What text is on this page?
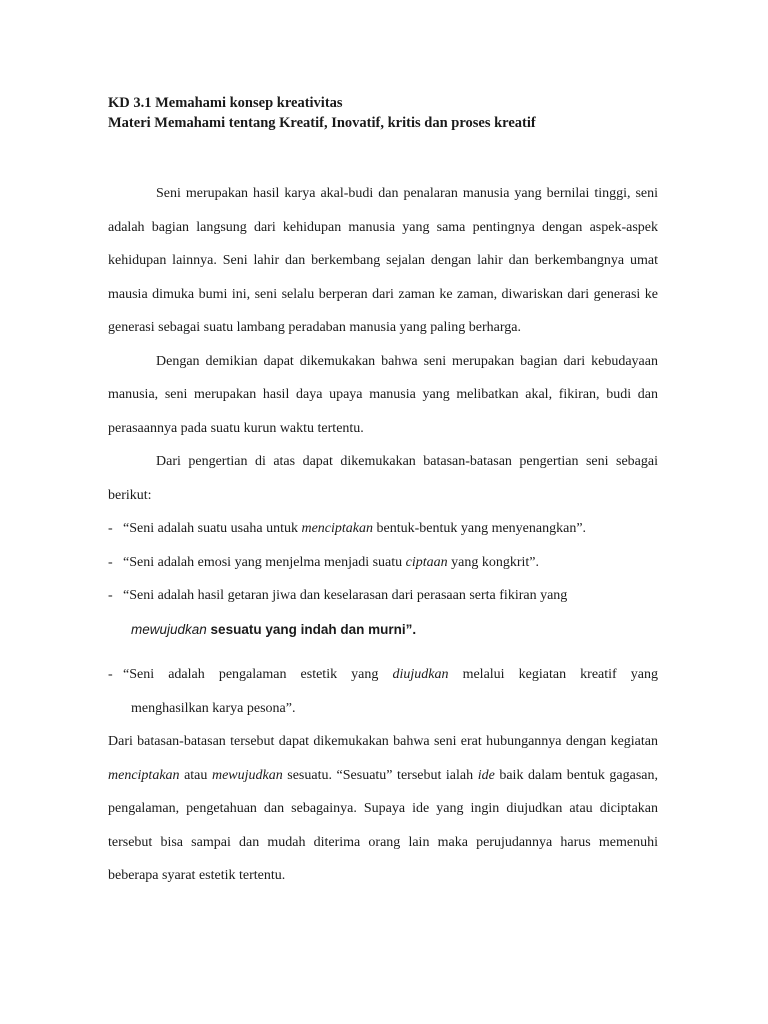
KD 3.1 Memahami konsep kreativitas

Materi Memahami tentang Kreatif, Inovatif, kritis dan proses kreatif

Seni merupakan hasil karya akal-budi dan penalaran manusia yang bernilai tinggi, seni adalah bagian langsung dari kehidupan manusia yang sama pentingnya dengan aspek-aspek kehidupan lainnya. Seni lahir dan berkembang sejalan dengan lahir dan berkembangnya umat mausia dimuka bumi ini, seni selalu berperan dari zaman ke zaman, diwariskan dari generasi ke generasi sebagai suatu lambang peradaban manusia yang paling berharga.

Dengan demikian dapat dikemukakan bahwa seni merupakan bagian dari kebudayaan manusia, seni merupakan hasil daya upaya manusia yang melibatkan akal, fikiran, budi dan perasaannya pada suatu kurun waktu tertentu.

Dari pengertian di atas dapat dikemukakan batasan-batasan pengertian seni sebagai berikut:

- “Seni adalah suatu usaha untuk menciptakan bentuk-bentuk yang menyenangkan”.
- “Seni adalah emosi yang menjelma menjadi suatu ciptaan yang kongkrit”.
- “Seni adalah hasil getaran jiwa dan keselarasan dari perasaan serta fikiran yang
mewujudkan sesuatu yang indah dan murni”.
- “Seni adalah pengalaman estetik yang diujudkan melalui kegiatan kreatif yang
menghasilkan karya pesona”.

Dari batasan-batasan tersebut dapat dikemukakan bahwa seni erat hubungannya dengan kegiatan menciptakan atau mewujudkan sesuatu. “Sesuatu” tersebut ialah ide baik dalam bentuk gagasan, pengalaman, pengetahuan dan sebagainya. Supaya ide yang ingin diujudkan atau diciptakan tersebut bisa sampai dan mudah diterima orang lain maka perujudannya harus memenuhi beberapa syarat estetik tertentu.
